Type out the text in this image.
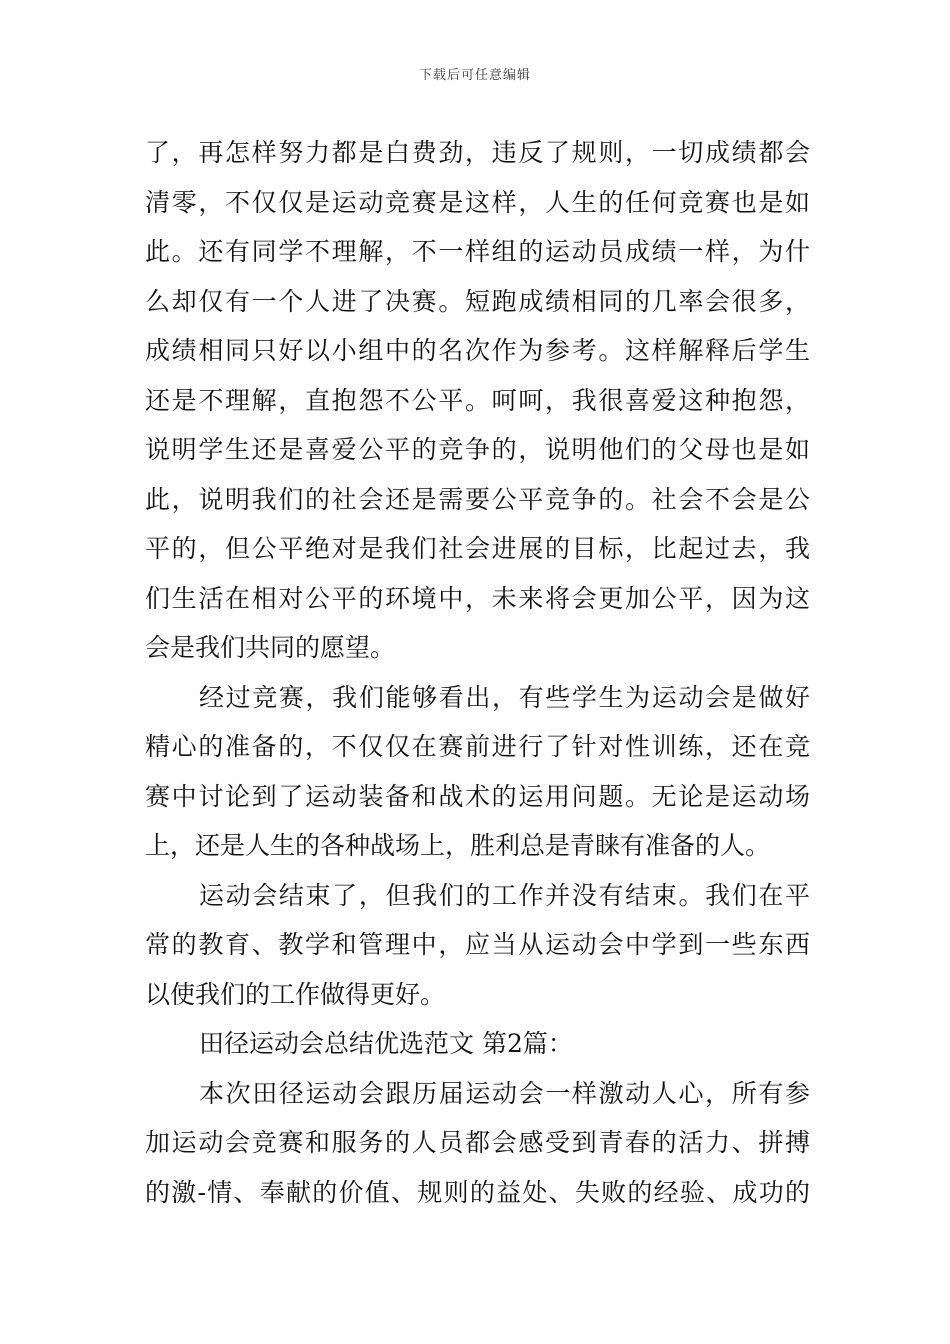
下载后可任意编辑
了，再怎样努力都是白费劲，违反了规则，一切成绩都会
清零，不仅仅是运动竞赛是这样，人生的任何竞赛也是如
此。还有同学不理解，不一样组的运动员成绩一样，为什
么却仅有一个人进了决赛。短跑成绩相同的几率会很多，
成绩相同只好以小组中的名次作为参考。这样解释后学生
还是不理解，直抱怨不公平。呵呵，我很喜爱这种抱怨，
说明学生还是喜爱公平的竞争的，说明他们的父母也是如
此，说明我们的社会还是需要公平竞争的。社会不会是公
平的，但公平绝对是我们社会进展的目标，比起过去，我
们生活在相对公平的环境中，未来将会更加公平，因为这
会是我们共同的愿望。
经过竞赛，我们能够看出，有些学生为运动会是做好
精心的准备的，不仅仅在赛前进行了针对性训练，还在竞
赛中讨论到了运动装备和战术的运用问题。无论是运动场
上，还是人生的各种战场上，胜利总是青睐有准备的人。
运动会结束了，但我们的工作并没有结束。我们在平
常的教育、教学和管理中，应当从运动会中学到一些东西
以使我们的工作做得更好。
田径运动会总结优选范文 第2篇：
本次田径运动会跟历届运动会一样激动人心，所有参
加运动会竞赛和服务的人员都会感受到青春的活力、拼搏
的激-情、奉献的价值、规则的益处、失败的经验、成功的
